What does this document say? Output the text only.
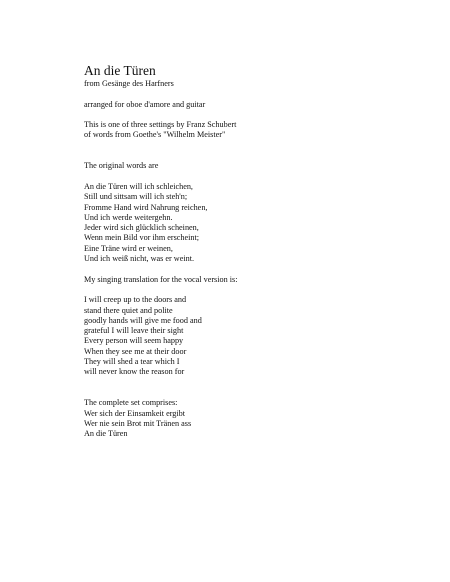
An die Türen

from Gesänge des Harfners

arranged for oboe d'amore and guitar

This is one of three settings by Franz Schubert

of words from Goethe's "Wilhelm Meister"

The original words are

An die Türen will ich schleichen,

Still und sittsam will ich steh'n;

Fromme Hand wird Nahrung reichen,

Und ich werde weitergehn.

Jeder wird sich glücklich scheinen,

Wenn mein Bild vor ihm erscheint;

Eine Träne wird er weinen,

Und ich weiß nicht, was er weint.

My singing translation for the vocal version is:

I will creep up to the doors and

stand there quiet and polite

goodly hands will give me food and

grateful I will leave their sight

Every person will seem happy

When they see me at their door

They will shed a tear which I

will never know the reason for

The complete set comprises:

Wer sich der Einsamkeit ergibt

Wer nie sein Brot mit Tränen ass

An die Türen
